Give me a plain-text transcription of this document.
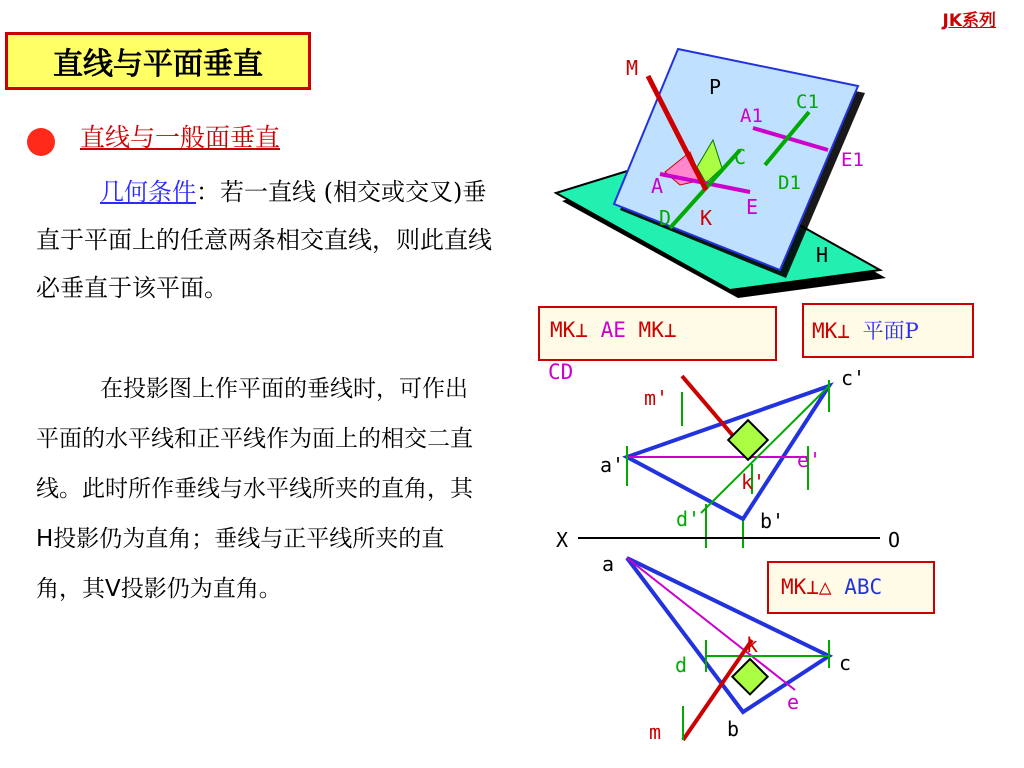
JK系列
直线与平面垂直
直线与一般面垂直
几何条件：若一直线 (相交或交叉)垂直于平面上的任意两条相交直线，则此直线必垂直于该平面。
在投影图上作平面的垂线时，可作出平面的水平线和正平线作为面上的相交二直线。此时所作垂线与水平线所夹的直角，其H投影仍为直角；垂线与正平线所夹的直角，其V投影仍为直角。
M
P
A1
C1
E1
D1
C
A
E
D K
H
m'
c'
a'	e'
k'
d'	b'
X	O
a
d
k
c
e
b
m
MK⊥ AE MK⊥
CD
MK⊥ 平面P
MK⊥△ ABC
